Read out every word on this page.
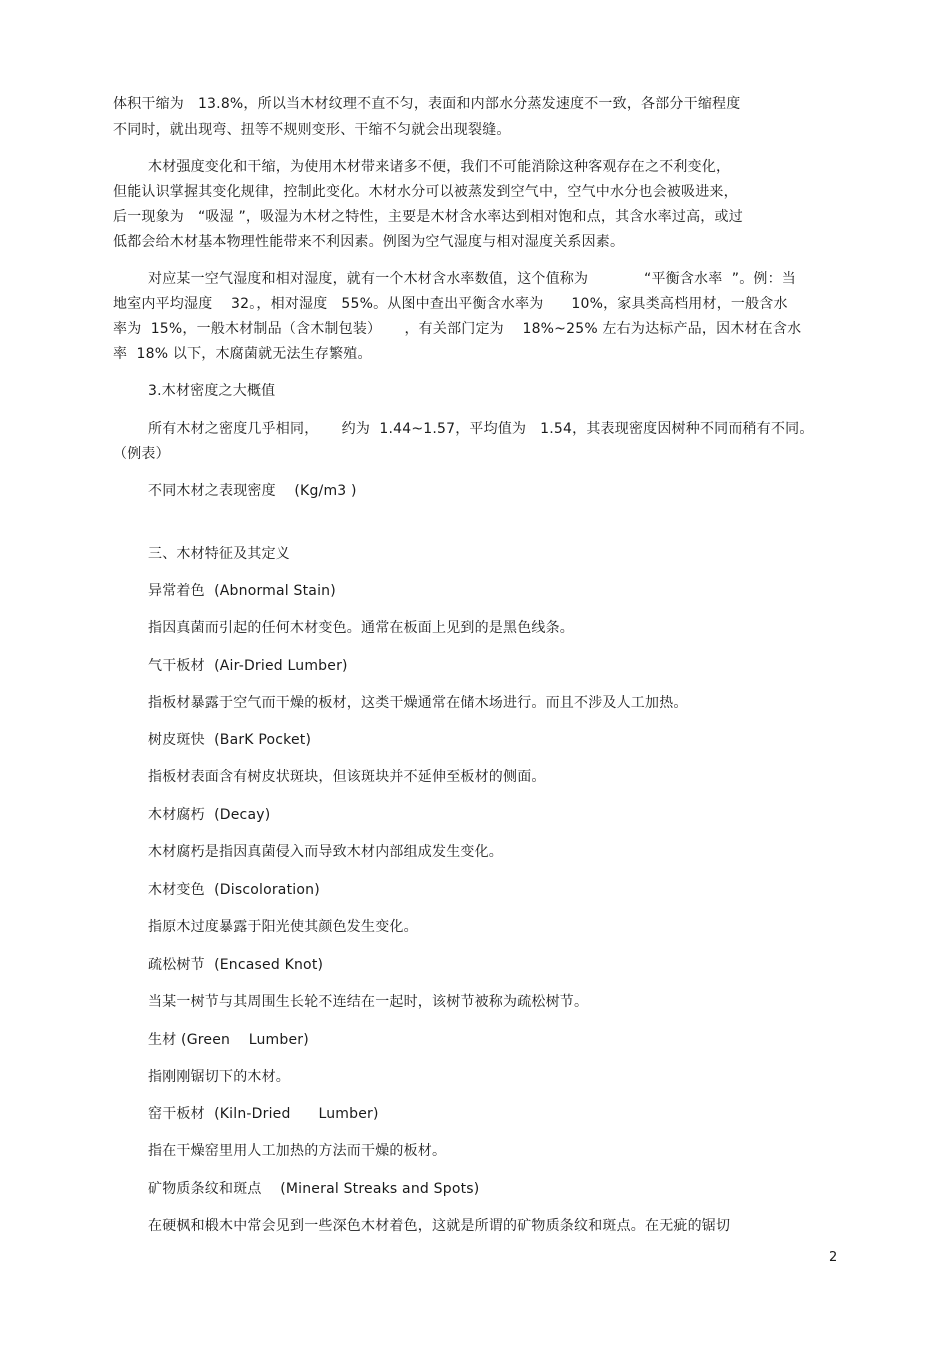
体积干缩为   13.8%，所以当木材纹理不直不匀，表面和内部水分蒸发速度不一致，各部分干缩程度
不同时，就出现弯、扭等不规则变形、干缩不匀就会出现裂缝。
木材强度变化和干缩，为使用木材带来诸多不便，我们不可能消除这种客观存在之不利变化，
但能认识掌握其变化规律，控制此变化。木材水分可以被蒸发到空气中，空气中水分也会被吸进来，
后一现象为   “吸湿 ”，吸湿为木材之特性，主要是木材含水率达到相对饱和点，其含水率过高，或过
低都会给木材基本物理性能带来不利因素。例图为空气湿度与相对湿度关系因素。
对应某一空气湿度和相对湿度，就有一个木材含水率数值，这个值称为            “平衡含水率  ”。例：当
地室内平均湿度    32。，相对湿度   55%。从图中查出平衡含水率为      10%，家具类高档用材，一般含水
率为  15%，一般木材制品（含木制包装）     ，有关部门定为    18%~25% 左右为达标产品，因木材在含水
率  18% 以下，木腐菌就无法生存繁殖。
3.木材密度之大概值
所有木材之密度几乎相同，     约为  1.44~1.57，平均值为   1.54，其表现密度因树种不同而稍有不同。
（例表）
不同木材之表现密度    (Kg/m3 )
三、木材特征及其定义
异常着色  (Abnormal Stain)
指因真菌而引起的任何木材变色。通常在板面上见到的是黑色线条。
气干板材  (Air-Dried Lumber)
指板材暴露于空气而干燥的板材，这类干燥通常在储木场进行。而且不涉及人工加热。
树皮斑快  (BarK Pocket)
指板材表面含有树皮状斑块，但该斑块并不延伸至板材的侧面。
木材腐朽  (Decay)
木材腐朽是指因真菌侵入而导致木材内部组成发生变化。
木材变色  (Discoloration)
指原木过度暴露于阳光使其颜色发生变化。
疏松树节  (Encased Knot)
当某一树节与其周围生长轮不连结在一起时，该树节被称为疏松树节。
生材 (Green    Lumber)
指刚刚锯切下的木材。
窑干板材  (Kiln-Dried      Lumber)
指在干燥窑里用人工加热的方法而干燥的板材。
矿物质条纹和斑点    (Mineral Streaks and Spots)
在硬枫和椴木中常会见到一些深色木材着色，这就是所谓的矿物质条纹和斑点。在无疵的锯切
2
